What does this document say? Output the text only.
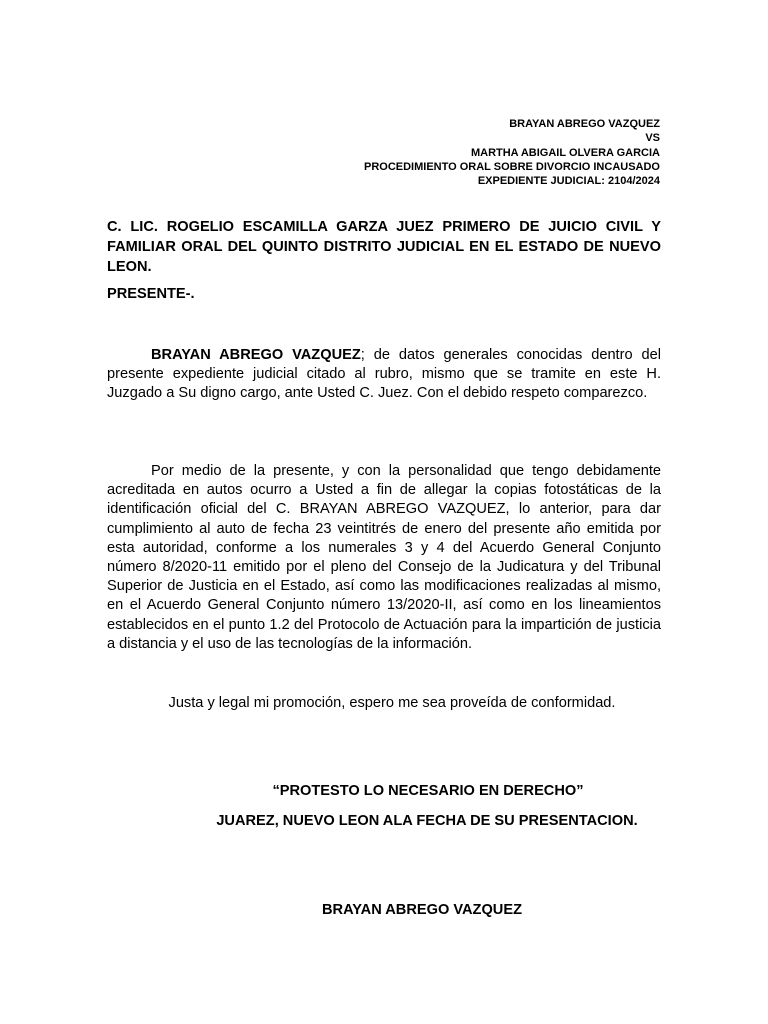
BRAYAN ABREGO VAZQUEZ
VS
MARTHA ABIGAIL OLVERA GARCIA
PROCEDIMIENTO ORAL SOBRE DIVORCIO INCAUSADO
EXPEDIENTE JUDICIAL: 2104/2024

C. LIC. ROGELIO ESCAMILLA GARZA JUEZ PRIMERO DE JUICIO CIVIL Y FAMILIAR ORAL DEL QUINTO DISTRITO JUDICIAL EN EL ESTADO DE NUEVO LEON.

PRESENTE-.

BRAYAN ABREGO VAZQUEZ; de datos generales conocidas dentro del presente expediente judicial citado al rubro, mismo que se tramite en este H. Juzgado a Su digno cargo, ante Usted C. Juez. Con el debido respeto comparezco.

Por medio de la presente, y con la personalidad que tengo debidamente acreditada en autos ocurro a Usted a fin de allegar la copias fotostáticas de la identificación oficial del C. BRAYAN ABREGO VAZQUEZ, lo anterior, para dar cumplimiento al auto de fecha 23 veintitrés de enero del presente año emitida por esta autoridad, conforme a los numerales 3 y 4 del Acuerdo General Conjunto número 8/2020-11 emitido por el pleno del Consejo de la Judicatura y del Tribunal Superior de Justicia en el Estado, así como las modificaciones realizadas al mismo, en el Acuerdo General Conjunto número 13/2020-II, así como en los lineamientos establecidos en el punto 1.2 del Protocolo de Actuación para la impartición de justicia a distancia y el uso de las tecnologías de la información.

Justa y legal mi promoción, espero me sea proveída de conformidad.

“PROTESTO LO NECESARIO EN DERECHO”

JUAREZ, NUEVO LEON ALA FECHA DE SU PRESENTACION.

BRAYAN ABREGO VAZQUEZ
